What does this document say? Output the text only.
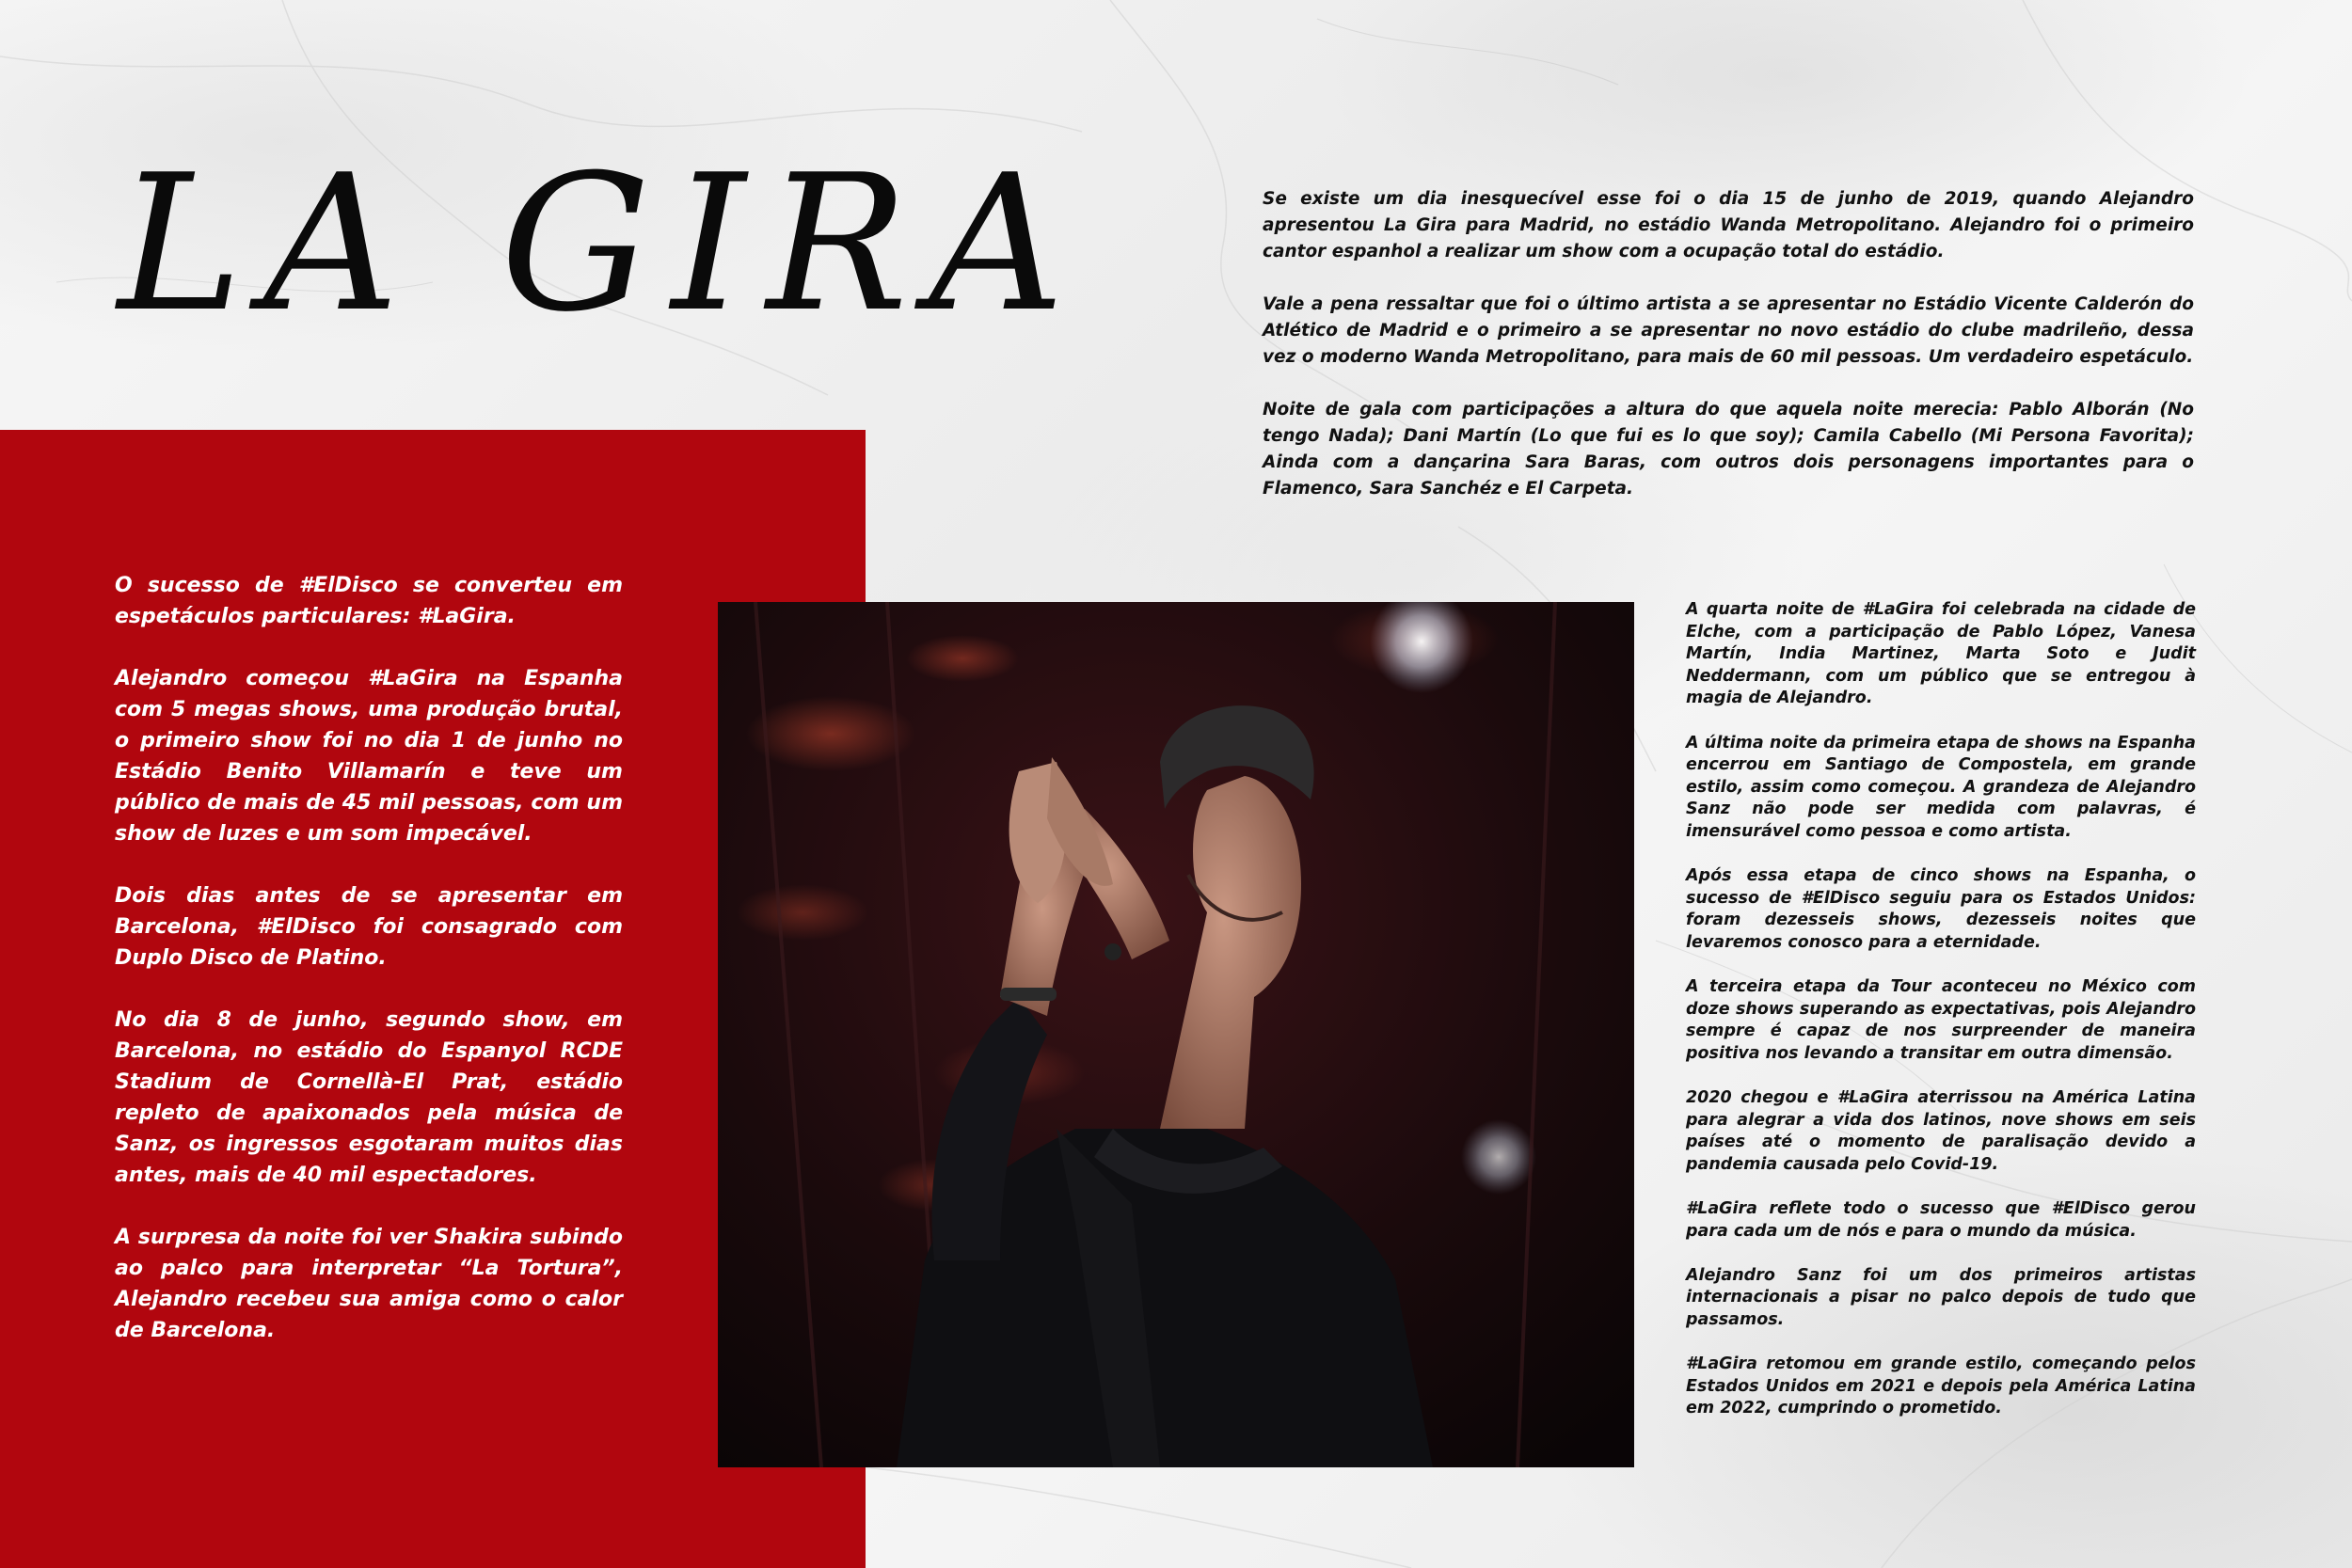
LA GIRA	Se existe um dia inesquecível esse foi o dia 15 de junho de 2019, quando Alejandro apresentou La Gira para Madrid, no estádio Wanda Metropolitano. Alejandro foi o primeiro cantor espanhol a realizar um show com a ocupação total do estádio.

Vale a pena ressaltar que foi o último artista a se apresentar no Estádio Vicente Calderón do Atlético de Madrid e o primeiro a se apresentar no novo estádio do clube madrileño, dessa vez o moderno Wanda Metropolitano, para mais de 60 mil pessoas. Um verdadeiro espetáculo.

Noite de gala com participações a altura do que aquela noite merecia: Pablo Alborán (No tengo Nada); Dani Martín (Lo que fui es lo que soy); Camila Cabello (Mi Persona Favorita); Ainda com a dançarina Sara Baras, com outros dois personagens importantes para o Flamenco, Sara Sanchéz e El Carpeta.

O sucesso de #ElDisco se converteu em espetáculos particulares: #LaGira.

Alejandro começou #LaGira na Espanha com 5 megas shows, uma produção brutal, o primeiro show foi no dia 1 de junho no Estádio Benito Villamarín e teve um público de mais de 45 mil pessoas, com um show de luzes e um som impecável.

Dois dias antes de se apresentar em Barcelona, #ElDisco foi consagrado com Duplo Disco de Platino.

No dia 8 de junho, segundo show, em Barcelona, no estádio do Espanyol RCDE Stadium de Cornellà-El Prat, estádio repleto de apaixonados pela música de Sanz, os ingressos esgotaram muitos dias antes, mais de 40 mil espectadores.

A surpresa da noite foi ver Shakira subindo ao palco para interpretar “La Tortura”, Alejandro recebeu sua amiga como o calor de Barcelona.

A quarta noite de #LaGira foi celebrada na cidade de Elche, com a participação de Pablo López, Vanesa Martín, India Martinez, Marta Soto e Judit Neddermann, com um público que se entregou à magia de Alejandro.

A última noite da primeira etapa de shows na Espanha encerrou em Santiago de Compostela, em grande estilo, assim como começou. A grandeza de Alejandro Sanz não pode ser medida com palavras, é imensurável como pessoa e como artista.

Após essa etapa de cinco shows na Espanha, o sucesso de #ElDisco seguiu para os Estados Unidos: foram dezesseis shows, dezesseis noites que levaremos conosco para a eternidade.

A terceira etapa da Tour aconteceu no México com doze shows superando as expectativas, pois Alejandro sempre é capaz de nos surpreender de maneira positiva nos levando a transitar em outra dimensão.

2020 chegou e #LaGira aterrissou na América Latina para alegrar a vida dos latinos, nove shows em seis países até o momento de paralisação devido a pandemia causada pelo Covid-19.

#LaGira reflete todo o sucesso que #ElDisco gerou para cada um de nós e para o mundo da música.

Alejandro Sanz foi um dos primeiros artistas internacionais a pisar no palco depois de tudo que passamos.

#LaGira retomou em grande estilo, começando pelos Estados Unidos em 2021 e depois pela América Latina em 2022, cumprindo o prometido.
